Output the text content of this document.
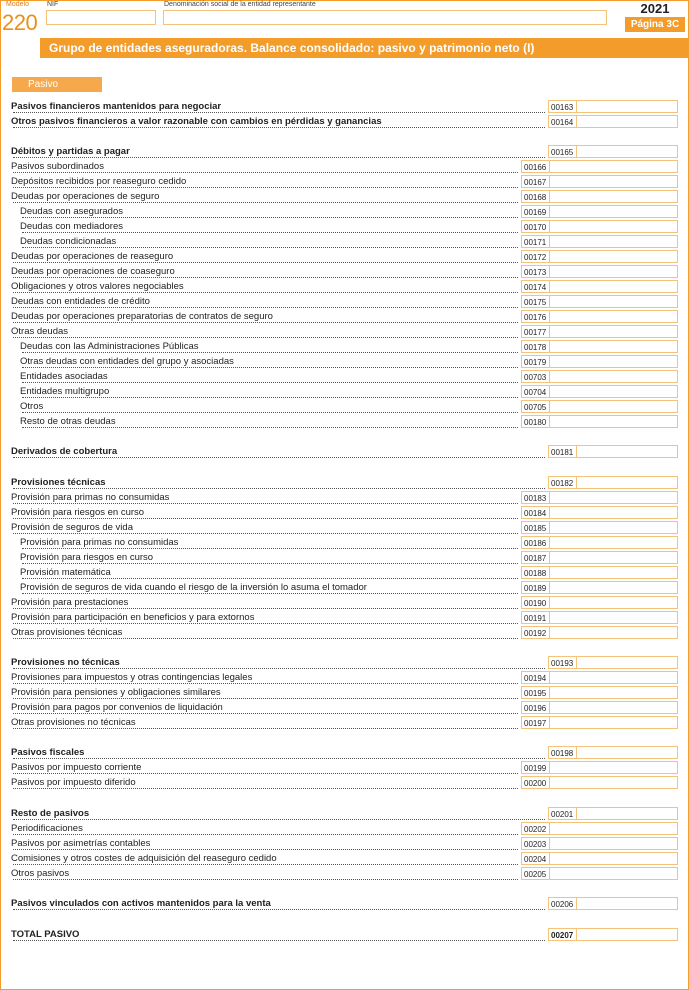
Modelo
220
NIF	Denominación social de la entidad representante	2021
Página 3C
Grupo de entidades aseguradoras. Balance consolidado: pasivo y patrimonio neto (I)
Pasivo
Pasivos financieros mantenidos para negociar	00163
Otros pasivos financieros a valor razonable con cambios en pérdidas y ganancias	00164
Débitos y partidas a pagar	00165
Pasivos subordinados	00166
Depósitos recibidos por reaseguro cedido	00167
Deudas por operaciones de seguro	00168
Deudas con asegurados	00169
Deudas con mediadores	00170
Deudas condicionadas	00171
Deudas por operaciones de reaseguro	00172
Deudas por operaciones de coaseguro	00173
Obligaciones y otros valores negociables	00174
Deudas con entidades de crédito	00175
Deudas por operaciones preparatorias de contratos de seguro	00176
Otras deudas	00177
Deudas con las Administraciones Públicas	00178
Otras deudas con entidades del grupo y asociadas	00179
Entidades asociadas	00703
Entidades multigrupo	00704
Otros	00705
Resto de otras deudas	00180
Derivados de cobertura	00181
Provisiones técnicas	00182
Provisión para primas no consumidas	00183
Provisión para riesgos en curso	00184
Provisión de seguros de vida	00185
Provisión para primas no consumidas	00186
Provisión para riesgos en curso	00187
Provisión matemática	00188
Provisión de seguros de vida cuando el riesgo de la inversión lo asuma el tomador	00189
Provisión para prestaciones	00190
Provisión para participación en beneficios y para extornos	00191
Otras provisiones técnicas	00192
Provisiones no técnicas	00193
Provisiones para impuestos y otras contingencias legales	00194
Provisión para pensiones y obligaciones similares	00195
Provisión para pagos por convenios de liquidación	00196
Otras provisiones no técnicas	00197
Pasivos fiscales	00198
Pasivos por impuesto corriente	00199
Pasivos por impuesto diferido	00200
Resto de pasivos	00201
Periodificaciones	00202
Pasivos por asimetrías contables	00203
Comisiones y otros costes de adquisición del reaseguro cedido	00204
Otros pasivos	00205
Pasivos vinculados con activos mantenidos para la venta	00206
TOTAL PASIVO	00207
